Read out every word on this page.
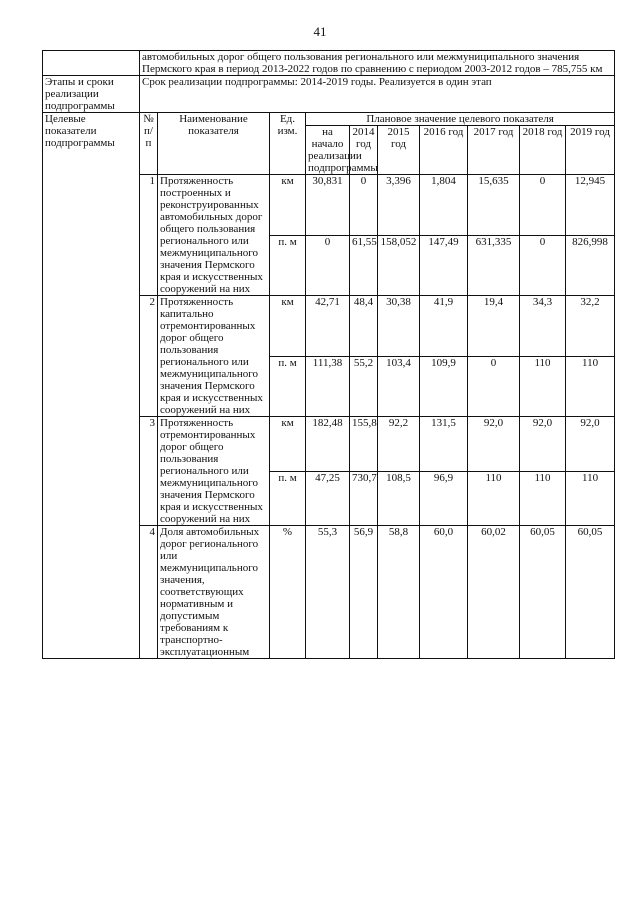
41
	автомобильных дорог общего пользования регионального или межмуниципального значения Пермского края в период 2013-2022 годов по сравнению с периодом 2003-2012 годов – 785,755 км									
Этапы и сроки реализации подпрограммы	Срок реализации подпрограммы: 2014-2019 годы. Реализуется в один этап									
Целевые показатели подпрограммы	№ п/п	Наименование показателя	Ед. изм.	Плановое значение целевого показателя						
				на начало реализации подпрограммы	2014 год	2015 год	2016 год	2017 год	2018 год	2019 год
	1	Протяженность построенных и реконструированных автомобильных дорог общего пользования регионального или межмуниципального значения Пермского края и искусственных сооружений на них	км	30,831	0	3,396	1,804	15,635	0	12,945
			п. м	0	61,55	158,052	147,49	631,335	0	826,998
	2	Протяженность капитально отремонтированных дорог общего пользования регионального или межмуниципального значения Пермского края и искусственных сооружений на них	км	42,71	48,4	30,38	41,9	19,4	34,3	32,2
			п. м	111,38	55,2	103,4	109,9	0	110	110
	3	Протяженность отремонтированных дорог общего пользования регионального или межмуниципального значения Пермского края и искусственных сооружений на них	км	182,48	155,8	92,2	131,5	92,0	92,0	92,0
			п. м	47,25	730,7	108,5	96,9	110	110	110
	4	Доля автомобильных дорог регионального или межмуниципального значения, соответствующих нормативным и допустимым требованиям к транспортно-эксплуатационным	%	55,3	56,9	58,8	60,0	60,02	60,05	60,05
